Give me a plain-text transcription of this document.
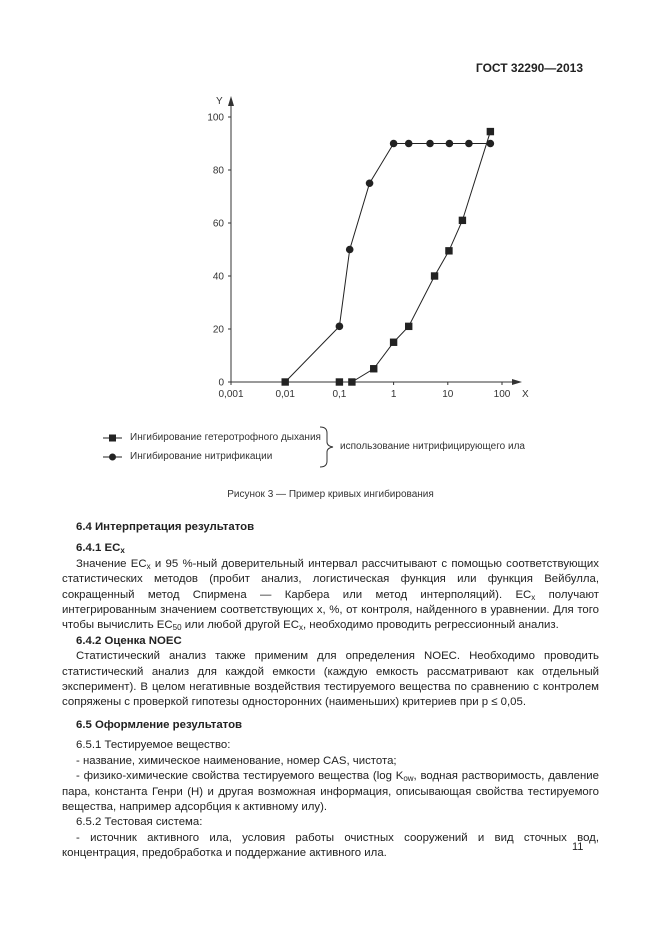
ГОСТ 32290—2013
X
Y
0,001	0,01	0,1	1	10	100
0
20
40
60
80
100
Ингибирование гетеротрофного дыхания
Ингибирование нитрификации
использование нитрифицирующего ила
Рисунок 3 — Пример кривых ингибирования
6.4 Интерпретация результатов
6.4.1 $EC_x$

Значение $EC_x$ и 95 %-ный доверительный интервал рассчитывают с помощью соответствующих статистических методов (пробит анализ, логистическая функция или функция Вейбулла, сокращенный метод Спирмена — Карбера или метод интерполяций). $EC_x$ получают интегрированным значением соответствующих x, %, от контроля, найденного в уравнении. Для того чтобы вычислить $EC_{50}$ или любой другой $EC_x$, необходимо проводить регрессионный анализ.

6.4.2 Оценка NOEC

Статистический анализ также применим для определения NOEC. Необходимо проводить статистический анализ для каждой емкости (каждую емкость рассматривают как отдельный эксперимент). В целом негативные воздействия тестируемого вещества по сравнению с контролем сопряжены с проверкой гипотезы односторонних (наименьших) критериев при p ≤ 0,05.

6.5 Оформление результатов

6.5.1 Тестируемое вещество:

- название, химическое наименование, номер CAS, чистота;

- физико-химические свойства тестируемого вещества (log $K_{ow}$, водная растворимость, давление пара, константа Генри (H) и другая возможная информация, описывающая свойства тестируемого вещества, например адсорбция к активному илу).

6.5.2 Тестовая система:

- источник активного ила, условия работы очистных сооружений и вид сточных вод, концентрация, предобработка и поддержание активного ила.

11
